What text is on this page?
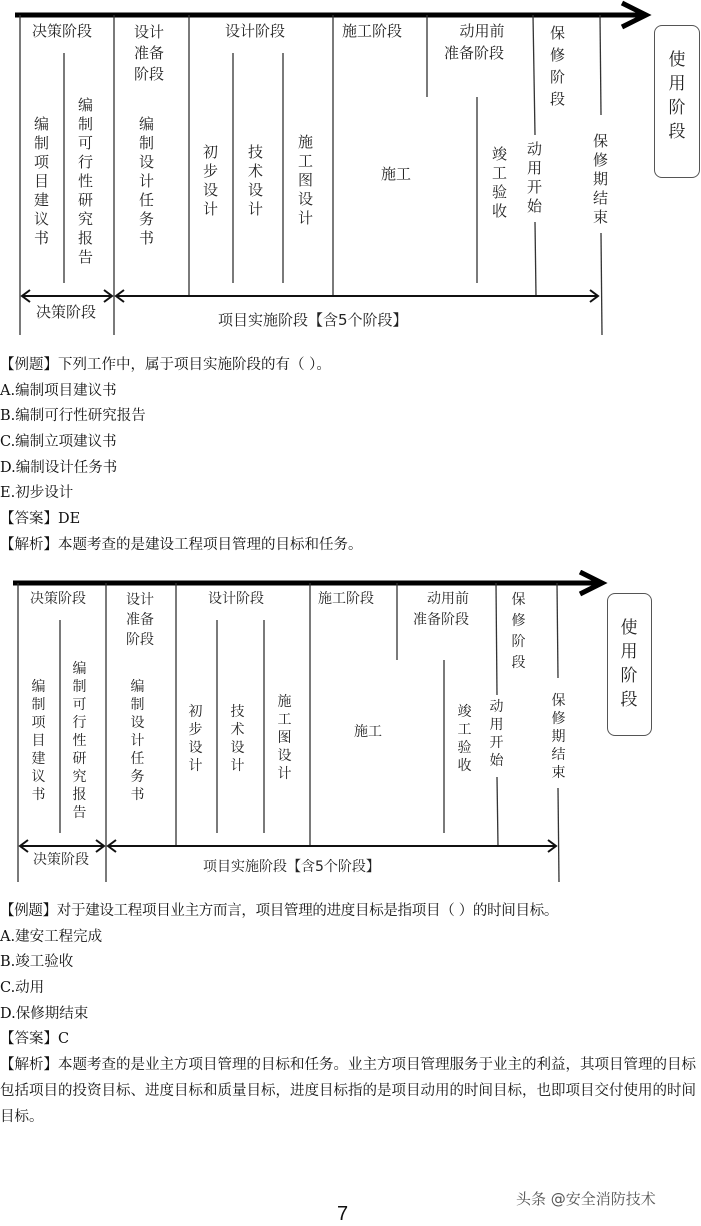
决策阶段	设计准备阶段
设计阶段	施工阶段	动用前
准备阶段
保修阶段
编制项目建议书
编制可行性研究报告
编制设计任务书
初步设计
技术设计
施工图设计
施工
竣工验收
动用开始
保修期结束
决策阶段	项目实施阶段【含5个阶段】
使用阶段
【例题】下列工作中，属于项目实施阶段的有（ ）。
A.编制项目建议书
B.编制可行性研究报告
C.编制立项建议书
D.编制设计任务书
E.初步设计
【答案】DE
【解析】本题考查的是建设工程项目管理的目标和任务。
决策阶段	设计准备阶段
设计阶段	施工阶段	动用前
准备阶段
保修阶段
编制项目建议书
编制可行性研究报告
编制设计任务书
初步设计
技术设计
施工图设计
施工
竣工验收
动用开始
保修期结束
决策阶段	项目实施阶段【含5个阶段】
使用阶段
【例题】对于建设工程项目业主方而言，项目管理的进度目标是指项目（ ）的时间目标。
A.建安工程完成
B.竣工验收
C.动用
D.保修期结束
【答案】C
【解析】本题考查的是业主方项目管理的目标和任务。业主方项目管理服务于业主的利益，其项目管理的目标包括项目的投资目标、进度目标和质量目标，进度目标指的是项目动用的时间目标，也即项目交付使用的时间目标。
7
头条 @安全消防技术
